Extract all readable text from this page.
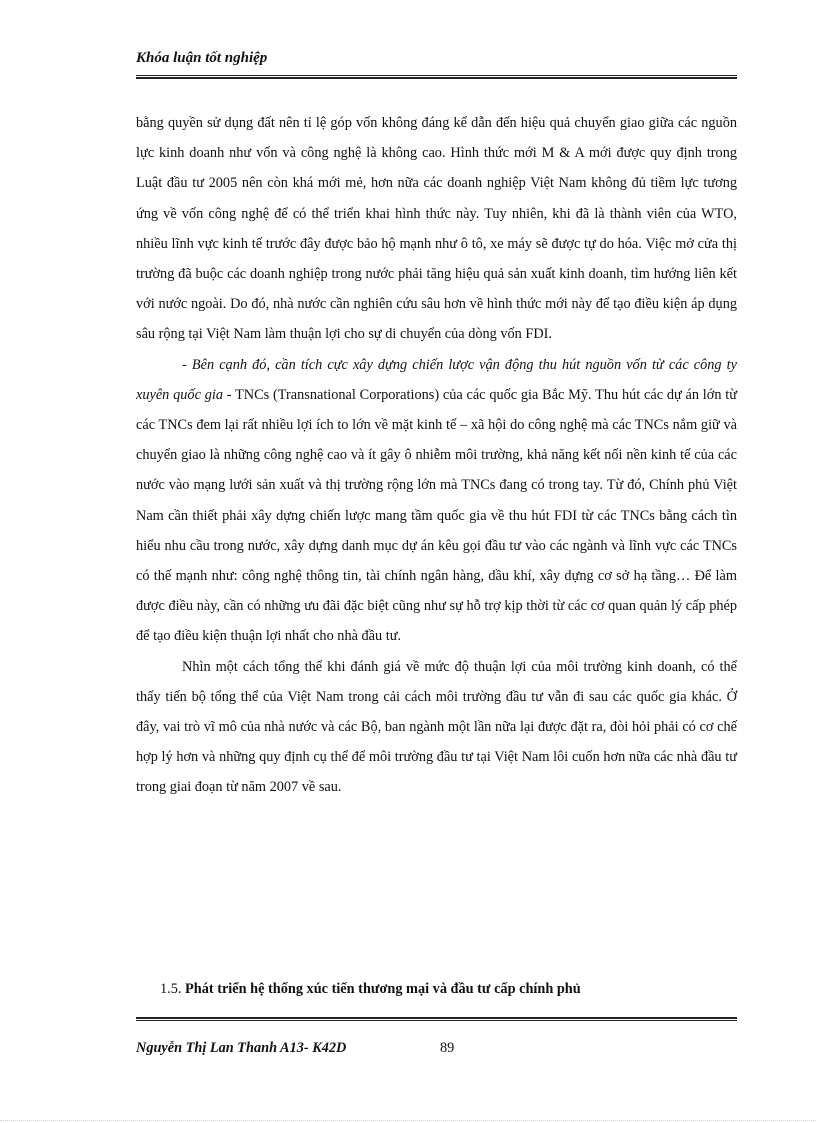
Khóa luận tốt nghiệp

bằng quyền sử dụng đất nên tỉ lệ góp vốn không đáng kể dẫn đến hiệu quả chuyển giao giữa các nguồn lực kinh doanh như vốn và công nghệ là không cao. Hình thức mới M & A mới được quy định trong Luật đầu tư 2005 nên còn khá mới mẻ, hơn nữa các doanh nghiệp Việt Nam không đủ tiềm lực tương ứng về vốn công nghệ để có thể triển khai hình thức này. Tuy nhiên, khi đã là thành viên của WTO, nhiều lĩnh vực kinh tế trước đây được bảo hộ mạnh như ô tô, xe máy sẽ được tự do hóa. Việc mở cửa thị trường đã buộc các doanh nghiệp trong nước phải tăng hiệu quả sản xuất kinh doanh, tìm hướng liên kết với nước ngoài. Do đó, nhà nước cần nghiên cứu sâu hơn về hình thức mới này để tạo điều kiện áp dụng sâu rộng tại Việt Nam làm thuận lợi cho sự di chuyển của dòng vốn FDI.

- Bên cạnh đó, cần tích cực xây dựng chiến lược vận động thu hút nguồn vốn từ các công ty xuyên quốc gia - TNCs (Transnational Corporations) của các quốc gia Bắc Mỹ. Thu hút các dự án lớn từ các TNCs đem lại rất nhiều lợi ích to lớn về mặt kinh tế – xã hội do công nghệ mà các TNCs nắm giữ và chuyển giao là những công nghệ cao và ít gây ô nhiễm môi trường, khả năng kết nối nền kinh tế của các nước vào mạng lưới sản xuất và thị trường rộng lớn mà TNCs đang có trong tay. Từ đó, Chính phủ Việt Nam cần thiết phải xây dựng chiến lược mang tầm quốc gia về thu hút FDI từ các TNCs bằng cách tìn hiểu nhu cầu trong nước, xây dựng danh mục dự án kêu gọi đầu tư vào các ngành và lĩnh vực các TNCs có thế mạnh như: công nghệ thông tin, tài chính ngân hàng, dầu khí, xây dựng cơ sở hạ tầng… Để làm được điều này, cần có những ưu đãi đặc biệt cũng như sự hỗ trợ kịp thời từ các cơ quan quản lý cấp phép để tạo điều kiện thuận lợi nhất cho nhà đầu tư.

Nhìn một cách tổng thể khi đánh giá về mức độ thuận lợi của môi trường kinh doanh, có thể thấy tiến bộ tổng thể của Việt Nam trong cải cách môi trường đầu tư vẫn đi sau các quốc gia khác. Ở đây, vai trò vĩ mô của nhà nước và các Bộ, ban ngành một lần nữa lại được đặt ra, đòi hỏi phải có cơ chế hợp lý hơn và những quy định cụ thể để môi trường đầu tư tại Việt Nam lôi cuốn hơn nữa các nhà đầu tư trong giai đoạn từ năm 2007 về sau.

1.5. Phát triển hệ thống xúc tiến thương mại và đầu tư cấp chính phủ
Nguyễn Thị Lan Thanh A13- K42D	89
